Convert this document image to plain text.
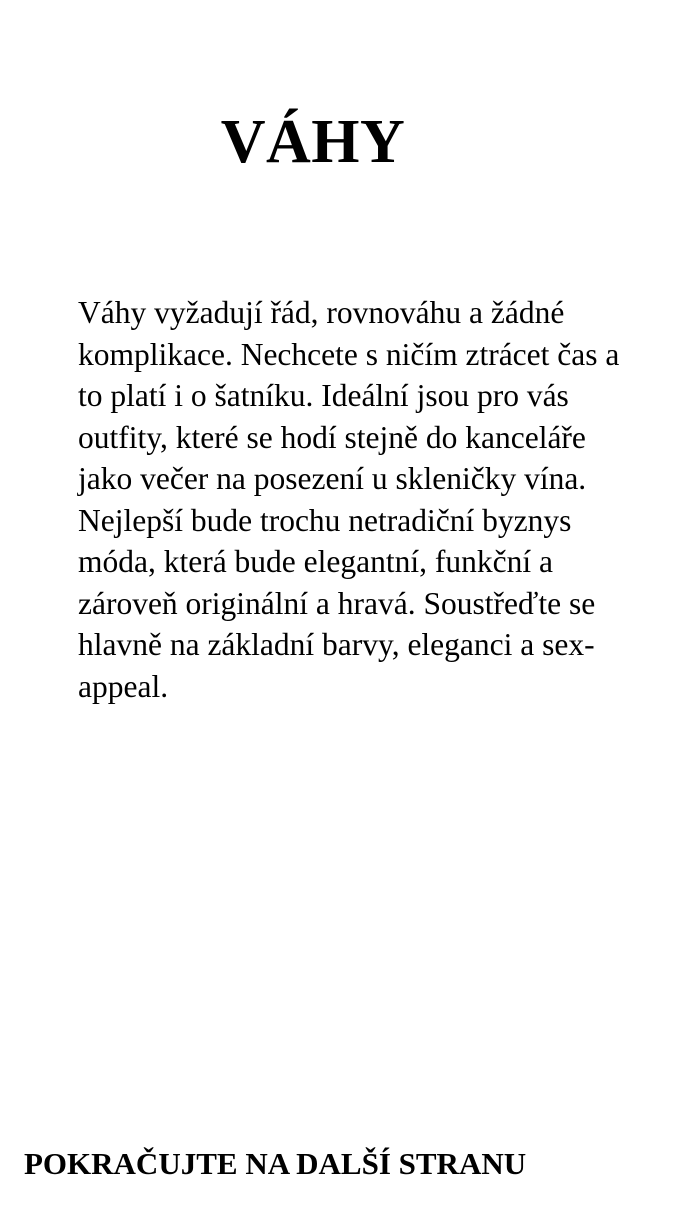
VÁHY

Váhy vyžadují řád, rovnováhu a žádné komplikace. Nechcete s ničím ztrácet čas a to platí i o šatníku. Ideální jsou pro vás outfity, které se hodí stejně do kanceláře jako večer na posezení u skleničky vína. Nejlepší bude trochu netradiční byznys móda, která bude elegantní, funkční a zároveň originální a hravá. Soustřeďte se hlavně na základní barvy, eleganci a sex-appeal.

POKRAČUJTE NA DALŠÍ STRANU
